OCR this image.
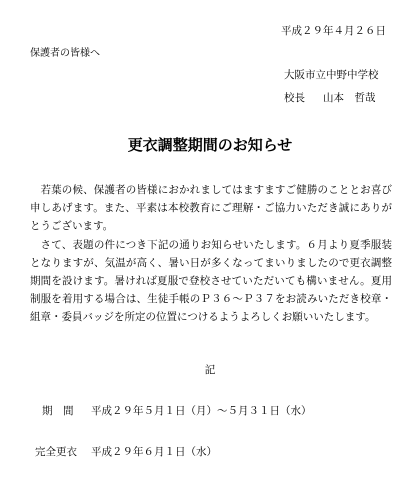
平成２９年４月２６日
保護者の皆様へ
大阪市立中野中学校
校長 山本　哲哉
更衣調整期間のお知らせ

若葉の候、保護者の皆様におかれましてはますますご健勝のこととお喜び申しあげます。また、平素は本校教育にご理解・ご協力いただき誠にありがとうございます。

さて、表題の件につき下記の通りお知らせいたします。６月より夏季服装となりますが、気温が高く、暑い日が多くなってまいりましたので更衣調整期間を設けます。暑ければ夏服で登校させていただいても構いません。夏用制服を着用する場合は、生徒手帳のＰ３６～Ｐ３７をお読みいただき校章・組章・委員バッジを所定の位置につけるようよろしくお願いいたします。

記
期　間 平成２９年５月１日（月）～５月３１日（水）
完全更衣 平成２９年６月１日（水）
